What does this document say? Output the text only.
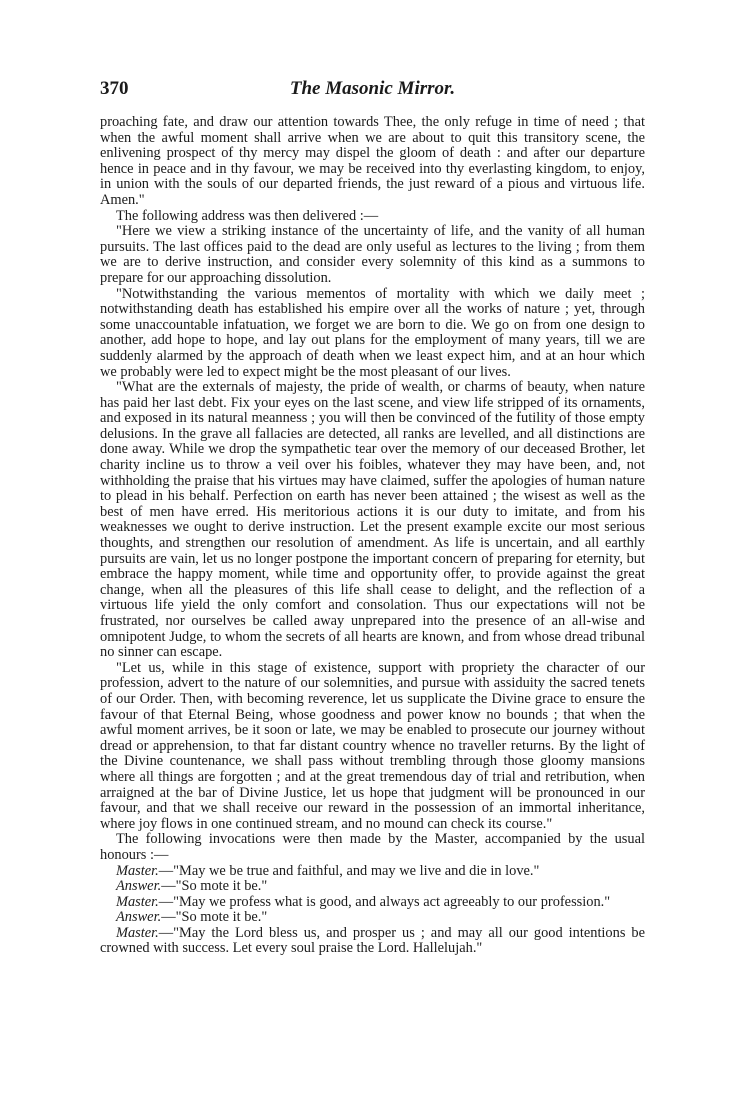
370	The Masonic Mirror.

proaching fate, and draw our attention towards Thee, the only refuge in time of need ; that when the awful moment shall arrive when we are about to quit this transitory scene, the enlivening prospect of thy mercy may dispel the gloom of death : and after our departure hence in peace and in thy favour, we may be received into thy everlasting kingdom, to enjoy, in union with the souls of our departed friends, the just reward of a pious and virtuous life. Amen."

The following address was then delivered :—

"Here we view a striking instance of the uncertainty of life, and the vanity of all human pursuits. The last offices paid to the dead are only useful as lectures to the living ; from them we are to derive instruction, and consider every solemnity of this kind as a summons to prepare for our approaching dissolution.

"Notwithstanding the various mementos of mortality with which we daily meet ; notwithstanding death has established his empire over all the works of nature ; yet, through some unaccountable infatuation, we forget we are born to die. We go on from one design to another, add hope to hope, and lay out plans for the employment of many years, till we are suddenly alarmed by the approach of death when we least expect him, and at an hour which we probably were led to expect might be the most pleasant of our lives.

"What are the externals of majesty, the pride of wealth, or charms of beauty, when nature has paid her last debt. Fix your eyes on the last scene, and view life stripped of its ornaments, and exposed in its natural meanness ; you will then be convinced of the futility of those empty delusions. In the grave all fallacies are detected, all ranks are levelled, and all distinctions are done away. While we drop the sympathetic tear over the memory of our deceased Brother, let charity incline us to throw a veil over his foibles, whatever they may have been, and, not withholding the praise that his virtues may have claimed, suffer the apologies of human nature to plead in his behalf. Perfection on earth has never been attained ; the wisest as well as the best of men have erred. His meritorious actions it is our duty to imitate, and from his weaknesses we ought to derive instruction. Let the present example excite our most serious thoughts, and strengthen our resolution of amendment. As life is uncertain, and all earthly pursuits are vain, let us no longer postpone the important concern of preparing for eternity, but embrace the happy moment, while time and opportunity offer, to provide against the great change, when all the pleasures of this life shall cease to delight, and the reflection of a virtuous life yield the only comfort and consolation. Thus our expectations will not be frustrated, nor ourselves be called away unprepared into the presence of an all-wise and omnipotent Judge, to whom the secrets of all hearts are known, and from whose dread tribunal no sinner can escape.

"Let us, while in this stage of existence, support with propriety the character of our profession, advert to the nature of our solemnities, and pursue with assiduity the sacred tenets of our Order. Then, with becoming reverence, let us supplicate the Divine grace to ensure the favour of that Eternal Being, whose goodness and power know no bounds ; that when the awful moment arrives, be it soon or late, we may be enabled to prosecute our journey without dread or apprehension, to that far distant country whence no traveller returns. By the light of the Divine countenance, we shall pass without trembling through those gloomy mansions where all things are forgotten ; and at the great tremendous day of trial and retribution, when arraigned at the bar of Divine Justice, let us hope that judgment will be pronounced in our favour, and that we shall receive our reward in the possession of an immortal inheritance, where joy flows in one continued stream, and no mound can check its course."

The following invocations were then made by the Master, accompanied by the usual honours :—

Master.—"May we be true and faithful, and may we live and die in love."

Answer.—"So mote it be."

Master.—"May we profess what is good, and always act agreeably to our profession."

Answer.—"So mote it be."

Master.—"May the Lord bless us, and prosper us ; and may all our good intentions be crowned with success. Let every soul praise the Lord. Hallelujah."
